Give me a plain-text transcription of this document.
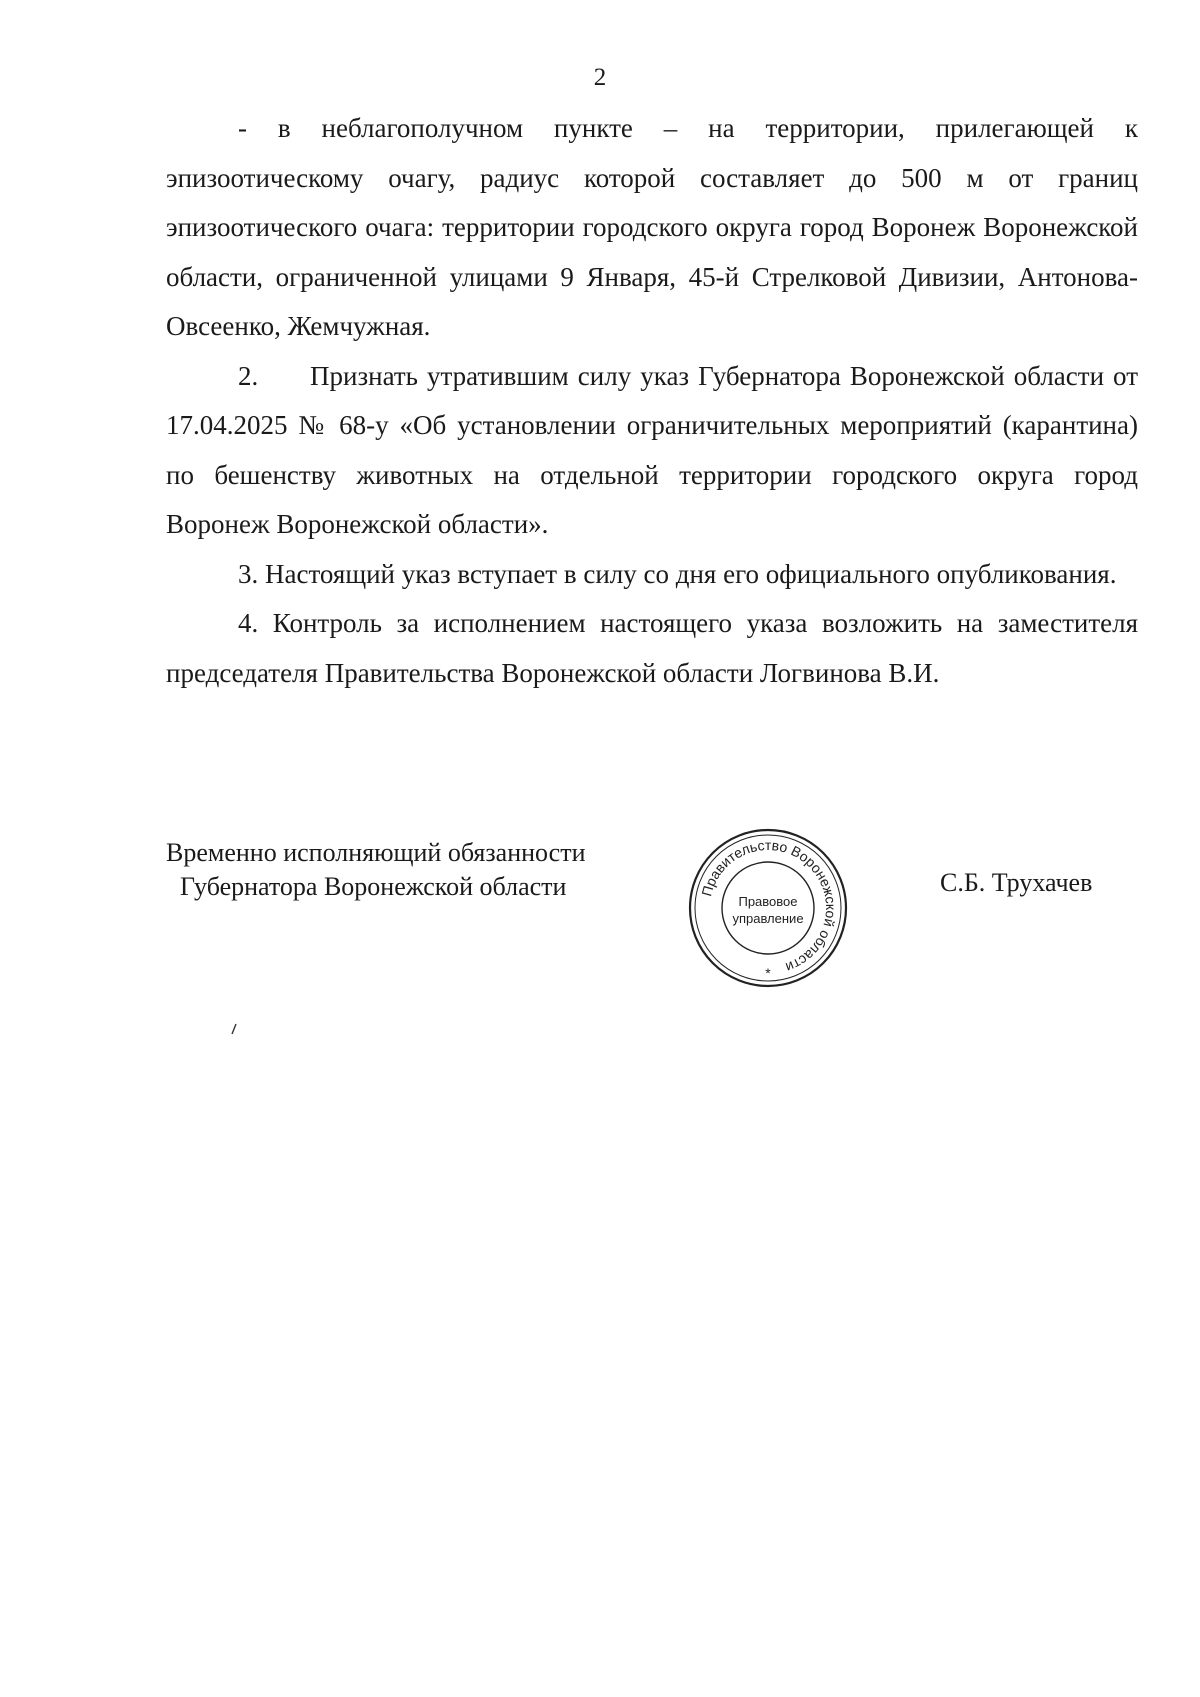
2

- в неблагополучном пункте – на территории, прилегающей к эпизоотическому очагу, радиус которой составляет до 500 м от границ эпизоотического очага: территории городского округа город Воронеж Воронежской области, ограниченной улицами 9 Января, 45-й Стрелковой Дивизии, Антонова-Овсеенко, Жемчужная.

2. Признать утратившим силу указ Губернатора Воронежской области от 17.04.2025 № 68-у «Об установлении ограничительных мероприятий (карантина) по бешенству животных на отдельной территории городского округа город Воронеж Воронежской области».

3. Настоящий указ вступает в силу со дня его официального опубликования.

4. Контроль за исполнением настоящего указа возложить на заместителя председателя Правительства Воронежской области Логвинова В.И.

Временно исполняющий обязанности
Губернатора Воронежской области	Правительство Воронежской области
Правовое
управление
*
С.Б. Трухачев
